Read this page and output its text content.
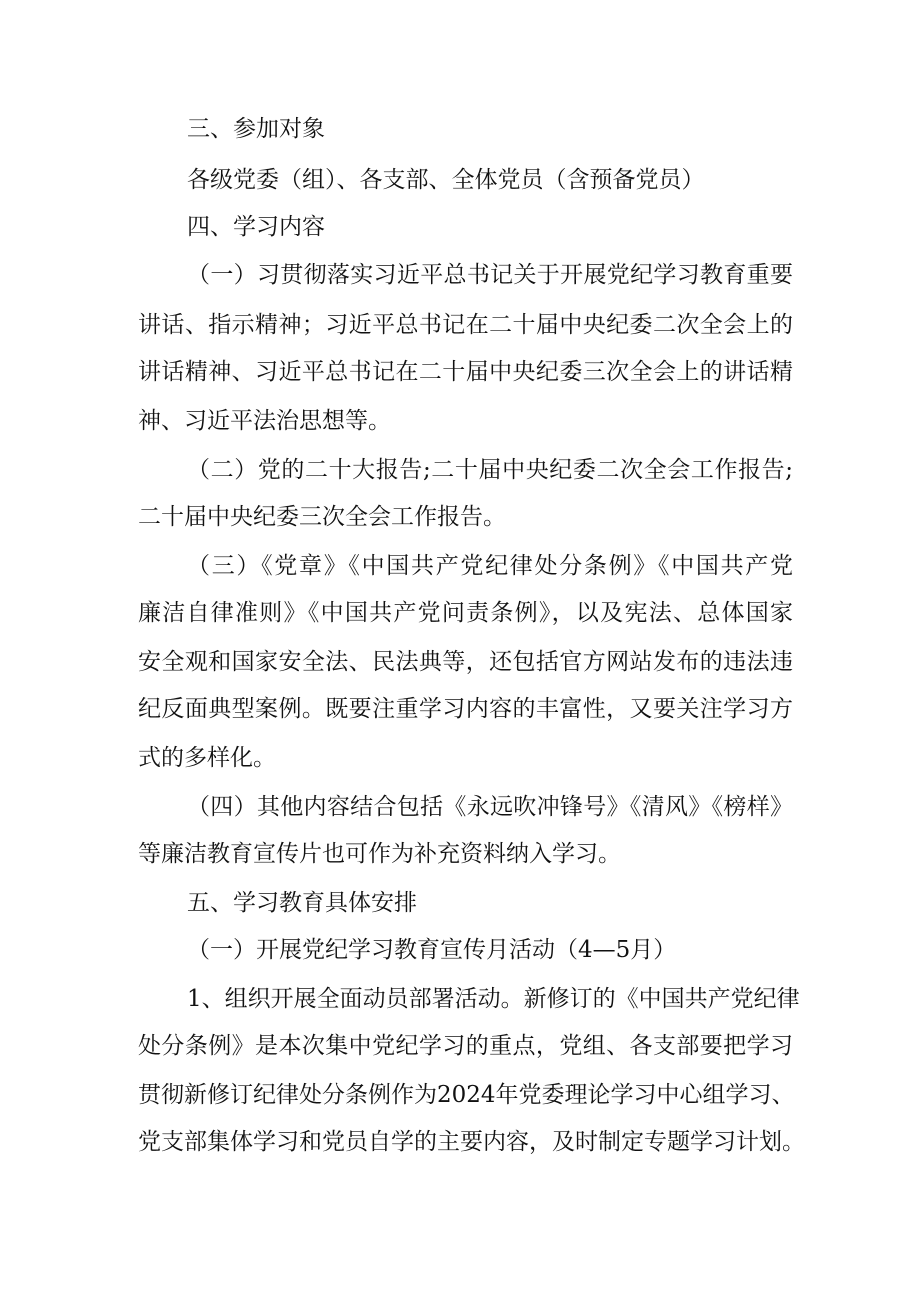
三、参加对象
各级党委（组）、各支部、全体党员（含预备党员）
四、学习内容
（一）习贯彻落实习近平总书记关于开展党纪学习教育重要
讲话、指示精神；习近平总书记在二十届中央纪委二次全会上的
讲话精神、习近平总书记在二十届中央纪委三次全会上的讲话精
神、习近平法治思想等。
（二）党的二十大报告;二十届中央纪委二次全会工作报告;
二十届中央纪委三次全会工作报告。
（三）《党章》《中国共产党纪律处分条例》《中国共产党
廉洁自律准则》《中国共产党问责条例》，以及宪法、总体国家
安全观和国家安全法、民法典等，还包括官方网站发布的违法违
纪反面典型案例。既要注重学习内容的丰富性，又要关注学习方
式的多样化。
（四）其他内容结合包括《永远吹冲锋号》《清风》《榜样》
等廉洁教育宣传片也可作为补充资料纳入学习。
五、学习教育具体安排
（一）开展党纪学习教育宣传月活动（4—5月）
1、组织开展全面动员部署活动。新修订的《中国共产党纪律
处分条例》是本次集中党纪学习的重点，党组、各支部要把学习
贯彻新修订纪律处分条例作为2024年党委理论学习中心组学习、
党支部集体学习和党员自学的主要内容，及时制定专题学习计划。
